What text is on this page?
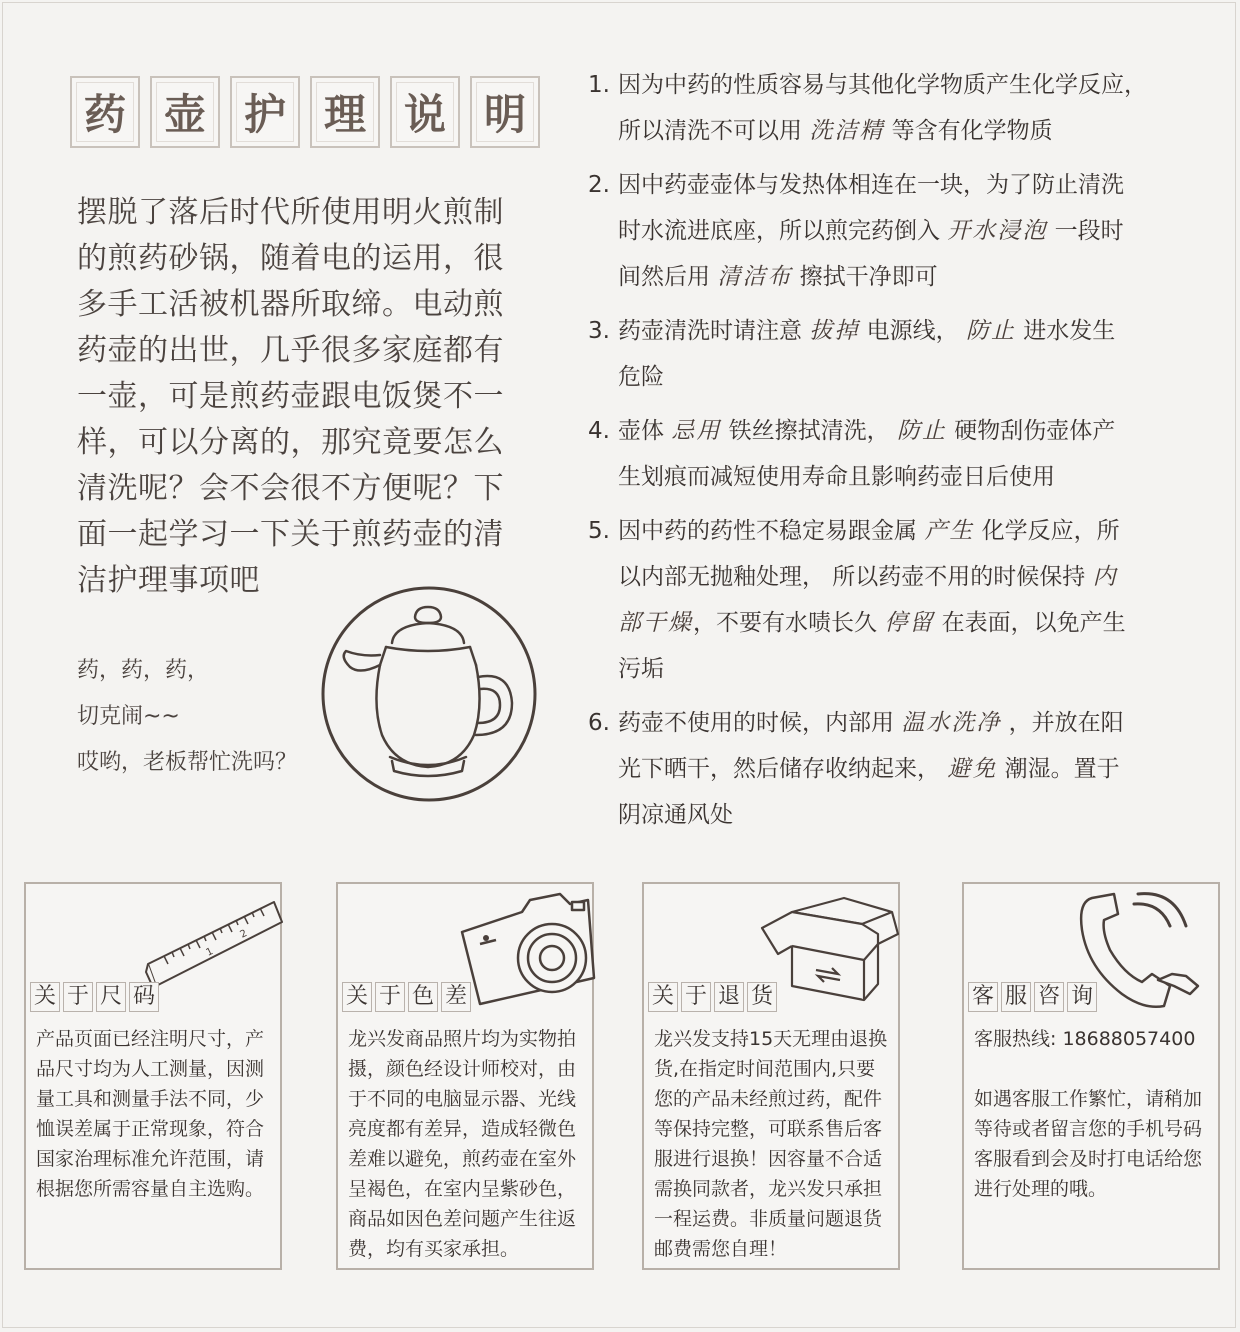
药 壶 护 理 说 明
摆脱了落后时代所使用明火煎制
的煎药砂锅，随着电的运用，很
多手工活被机器所取缔。电动煎
药壶的出世，几乎很多家庭都有
一壶，可是煎药壶跟电饭煲不一
样，可以分离的，那究竟要怎么
清洗呢？会不会很不方便呢？下
面一起学习一下关于煎药壶的清
洁护理事项吧
药，药，药，
切克闹~~
哎哟，老板帮忙洗吗？
1. 因为中药的性质容易与其他化学物质产生化学反应，
所以清洗不可以用 洗洁精 等含有化学物质
2. 因中药壶壶体与发热体相连在一块，为了防止清洗
时水流进底座，所以煎完药倒入 开水浸泡 一段时
间然后用 清洁布 擦拭干净即可
3. 药壶清洗时请注意 拔掉 电源线， 防止 进水发生
危险
4. 壶体 忌用 铁丝擦拭清洗， 防止 硬物刮伤壶体产
生划痕而减短使用寿命且影响药壶日后使用
5. 因中药的药性不稳定易跟金属 产生 化学反应，所
以内部无抛釉处理， 所以药壶不用的时候保持 内
部干燥，不要有水啧长久 停留 在表面，以免产生
污垢
6. 药壶不使用的时候，内部用 温水洗净 ，并放在阳
光下晒干，然后储存收纳起来， 避免 潮湿。置于
阴凉通风处
1
2
关 于 尺 码

产品页面已经注明尺寸，产

品尺寸均为人工测量，因测

量工具和测量手法不同，少

恤误差属于正常现象，符合

国家治理标准允许范围，请

根据您所需容量自主选购。

关 于 色 差

龙兴发商品照片均为实物拍

摄，颜色经设计师校对，由

于不同的电脑显示器、光线

亮度都有差异，造成轻微色

差难以避免，煎药壶在室外

呈褐色，在室内呈紫砂色，

商品如因色差问题产生往返

费，均有买家承担。

关 于 退 货

龙兴发支持15天无理由退换

货,在指定时间范围内,只要

您的产品未经煎过药，配件

等保持完整，可联系售后客

服进行退换！因容量不合适

需换同款者，龙兴发只承担

一程运费。非质量问题退货

邮费需您自理！

客 服 咨 询

客服热线: 18688057400

如遇客服工作繁忙，请稍加

等待或者留言您的手机号码

客服看到会及时打电话给您

进行处理的哦。
